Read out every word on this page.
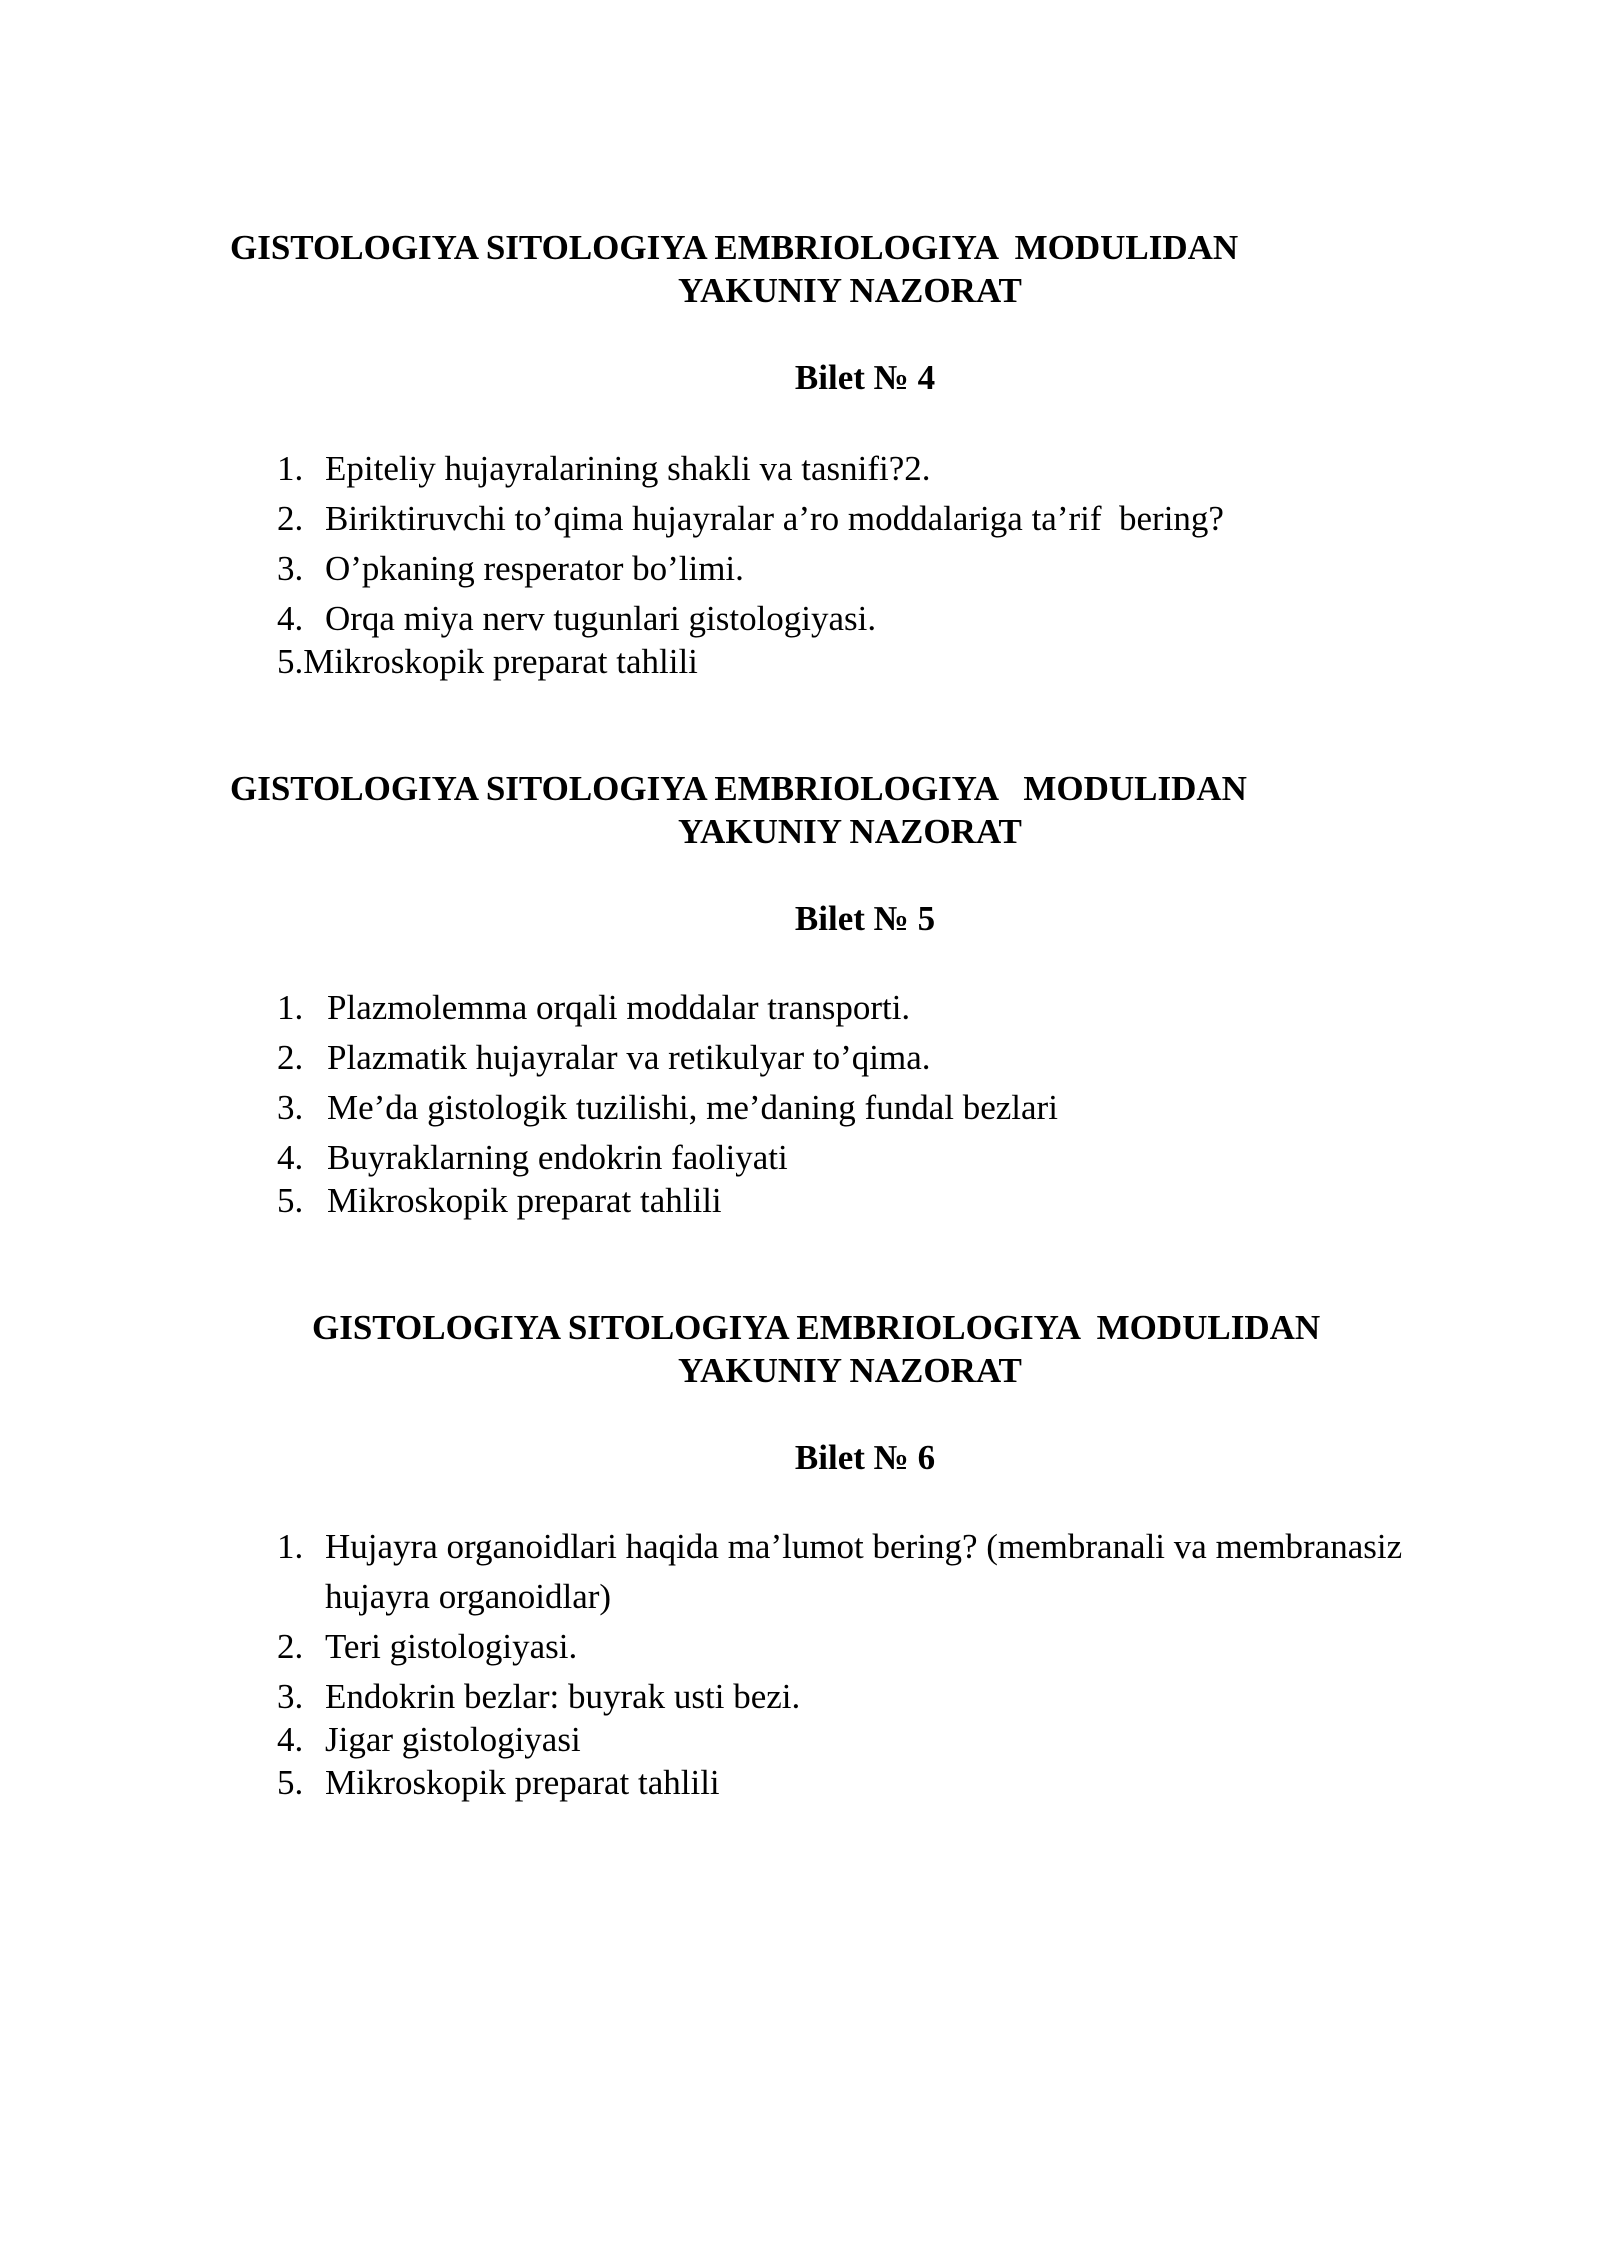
GISTOLOGIYA SITOLOGIYA EMBRIOLOGIYA  MODULIDAN
YAKUNIY NAZORAT
Bilet № 4

1.

Epiteliy hujayralarining shakli va tasnifi?2.

2.

Biriktiruvchi to’qima hujayralar a’ro moddalariga ta’rif  bering?

3.

O’pkaning resperator bo’limi.

4.

Orqa miya nerv tugunlari gistologiyasi.

5.Mikroskopik preparat tahlili

GISTOLOGIYA SITOLOGIYA EMBRIOLOGIYA   MODULIDAN
YAKUNIY NAZORAT
Bilet № 5

1.

Plazmolemma orqali moddalar transporti.

2.

Plazmatik hujayralar va retikulyar to’qima.

3.

Me’da gistologik tuzilishi, me’daning fundal bezlari

4.

Buyraklarning endokrin faoliyati

5.

Mikroskopik preparat tahlili

GISTOLOGIYA SITOLOGIYA EMBRIOLOGIYA  MODULIDAN
YAKUNIY NAZORAT
Bilet № 6

1.

Hujayra organoidlari haqida ma’lumot bering? (membranali va membranasiz hujayra organoidlar)

2.

Teri gistologiyasi.

3.

Endokrin bezlar: buyrak usti bezi.

4.

Jigar gistologiyasi

5.

Mikroskopik preparat tahlili
